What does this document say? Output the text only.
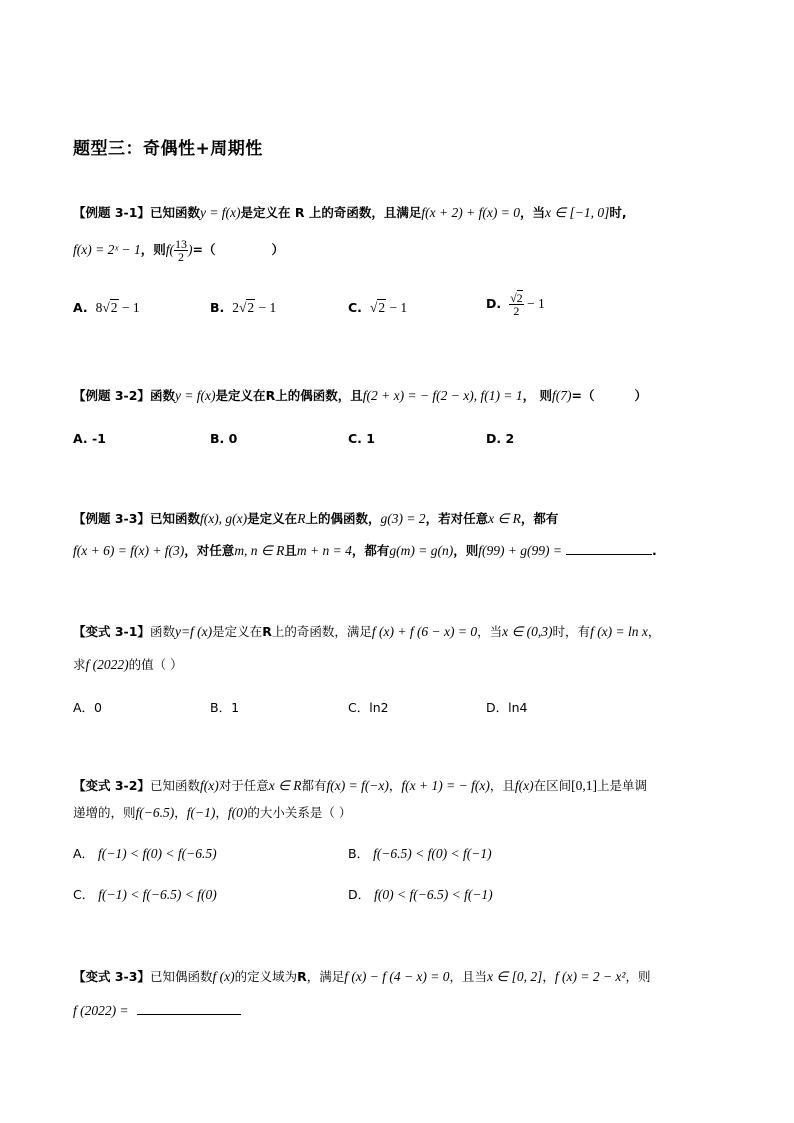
题型三：奇偶性+周期性
【例题 3-1】已知函数y = f(x)是定义在 R 上的奇函数，且满足f(x + 2) + f(x) = 0，当x ∈ [−1, 0]时,
f(x) = 2ˣ − 1，则$f( \frac{13}{2}$ )=（	）
A. 8√2 − 1	B. 2√2 − 1	C. √2 − 1	D. $\frac{√2}{2} - 1$
【例题 3-2】函数y = f(x)是定义在R上的偶函数，且f(2 + x) = − f(2 − x), f(1) = 1， 则f(7)=（	）
A. -1	B. 0	C. 1	D. 2
【例题 3-3】已知函数f(x), g(x)是定义在R上的偶函数，g(3) = 2，若对任意x ∈ R，都有
f(x + 6) = f(x) + f(3)，对任意m, n ∈ R且m + n = 4，都有g(m) = g(n)，则f(99) + g(99) =	.
【变式 3-1】函数y=f (x)是定义在R上的奇函数，满足f (x) + f (6 − x) = 0，当x ∈ (0,3)时，有f (x) = ln x，
求f (2022)的值（ ）
A．0	B．1	C．ln2	D．ln4
【变式 3-2】已知函数f(x)对于任意x ∈ R都有f(x) = f(−x)，f(x + 1) = − f(x)，且f(x)在区间[0,1]上是单调
递增的，则f(−6.5)，f(−1)，f(0)的大小关系是（ ）
A． f(−1) < f(0) < f(−6.5)	B． f(−6.5) < f(0) < f(−1)
C． f(−1) < f(−6.5) < f(0)	D． f(0) < f(−6.5) < f(−1)
【变式 3-3】已知偶函数f (x)的定义域为R，满足f (x) − f (4 − x) = 0，且当x ∈ [0, 2]，f (x) = 2 − x²，则
f (2022) =
